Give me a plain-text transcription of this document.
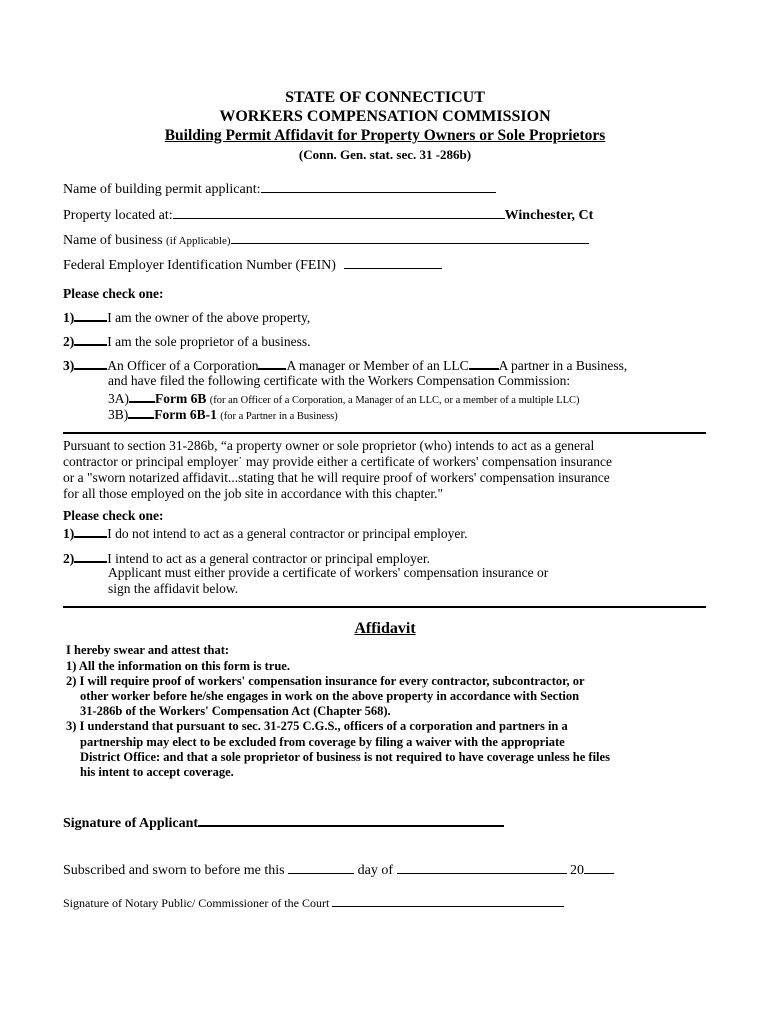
STATE OF CONNECTICUT
WORKERS COMPENSATION COMMISSION
Building Permit Affidavit for Property Owners or Sole Proprietors
(Conn. Gen. stat. sec. 31 -286b)
Name of building permit applicant:
Property located at:	Winchester, Ct
Name of business (if Applicable)
Federal Employer Identification Number (FEIN)
Please check one:
1) I am the owner of the above property,
2) I am the sole proprietor of a business.
3) An Officer of a Corporation A manager or Member of an LLC A partner in a Business,
and have filed the following certificate with the Workers Compensation Commission:
3A) Form 6B (for an Officer of a Corporation, a Manager of an LLC, or a member of a multiple LLC)
3B) Form 6B-1 (for a Partner in a Business)
Pursuant to section 31-286b, “a property owner or sole proprietor (who) intends to act as a general
contractor or principal employer˙ may provide either a certificate of workers' compensation insurance
or a "sworn notarized affidavit...stating that he will require proof of workers' compensation insurance
for all those employed on the job site in accordance with this chapter."
Please check one:
1) I do not intend to act as a general contractor or principal employer.
2) I intend to act as a general contractor or principal employer.
Applicant must either provide a certificate of workers' compensation insurance or
sign the affidavit below.
Affidavit
I hereby swear and attest that:
1) All the information on this form is true.
2) I will require proof of workers' compensation insurance for every contractor, subcontractor, or
other worker before he/she engages in work on the above property in accordance with Section
31-286b of the Workers' Compensation Act (Chapter 568).
3) I understand that pursuant to sec. 31-275 C.G.S., officers of a corporation and partners in a
partnership may elect to be excluded from coverage by filing a waiver with the appropriate
District Office: and that a sole proprietor of business is not required to have coverage unless he files
his intent to accept coverage.
Signature of Applicant
Subscribed and sworn to before me this	day of	20
Signature of Notary Public/ Commissioner of the Court
